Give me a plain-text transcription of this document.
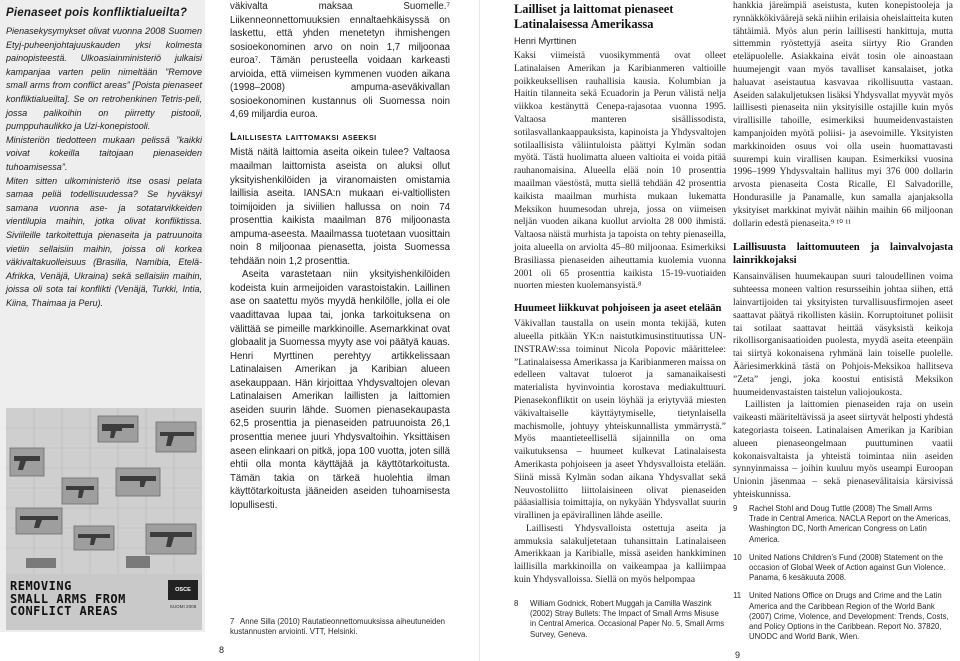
Pienaseet pois konfliktialueilta?

Pienasekysymykset olivat vuonna 2008 Suomen Etyj-puheenjohtajuuskauden yksi kolmesta painopisteestä. Ulkoasiainministeriö julkaisi kampanjaa varten pelin nimeltään ”Remove small arms from conflict areas” [Poista pienaseet konfliktialueilta]. Se on retrohenkinen Tetris-peli, jossa palikoihin on piirretty pistooli, pumppuhaulikko ja Uzi-konepistooli.

Ministeriön tiedotteen mukaan pelissä ”kaikki voivat kokeilla taitojaan pienaseiden tuhoamisessa”.

Miten sitten ulkoministeriö itse osasi pelata samaa peliä todellisuudessa? Se hyväksyi samana vuonna ase- ja sotatarvikkeiden vientilupia maihin, jotka olivat konfliktissa. Siviileille tarkoitettuja pienaseita ja patruunoita vietiin sellaisiin maihin, joissa oli korkea väkivaltakuolleisuus (Brasilia, Namibia, Etelä-Afrikka, Venäjä, Ukraina) sekä sellaisiin maihin, joissa oli sota tai konflikti (Venäjä, Turkki, Intia, Kiina, Thaimaa ja Peru).

REMOVING
SMALL ARMS FROM
CONFLICT AREAS
OSCE
SUOMI 2008

väkivalta maksaa Suomelle.⁷ Liikenneonnettomuuksien ennaltaehkäisyssä on laskettu, että yhden menetetyn ihmishengen sosioekonominen arvo on noin 1,7 miljoonaa euroa⁷. Tämän perusteella voidaan karkeasti arvioida, että viimeisen kymmenen vuoden aikana (1998–2008) ampuma-aseväkivallan sosioekonominen kustannus oli Suomessa noin 4,69 miljardia euroa.

Laillisesta laittomaksi aseeksi

Mistä näitä laittomia aseita oikein tulee? Valtaosa maailman laittomista aseista on aluksi ollut yksityishenkilöiden ja viranomaisten omistamia laillisia aseita. IANSA:n mukaan ei-valtiollisten toimijoiden ja siviilien hallussa on noin 74 prosenttia kaikista maailman 876 miljoonasta ampuma-aseesta. Maailmassa tuotetaan vuosittain noin 8 miljoonaa pienasetta, joista Suomessa tehdään noin 1,2 prosenttia.

Aseita varastetaan niin yksityishenkilöiden kodeista kuin armeijoiden varastoistakin. Laillinen ase on saatettu myös myydä henkilölle, jolla ei ole vaadittavaa lupaa tai, jonka tarkoituksena on välittää se pimeille markkinoille. Asemarkkinat ovat globaalit ja Suomessa myyty ase voi päätyä kauas. Henri Myrttinen perehtyy artikkelissaan Latinalaisen Amerikan ja Karibian alueen asekauppaan. Hän kirjoittaa Yhdysvaltojen olevan Latinalaisen Amerikan laillisten ja laittomien aseiden suurin lähde. Suomen pienasekaupasta 62,5 prosenttia ja pienaseiden patruunoista 26,1 prosenttia menee juuri Yhdysvaltoihin. Yksittäisen aseen elinkaari on pitkä, jopa 100 vuotta, joten sillä ehtii olla monta käyttäjää ja käyttötarkoitusta. Tämän takia on tärkeä huolehtia ilman käyttötarkoitusta jääneiden aseiden tuhoamisesta lopullisesti.

7 Anne Silla (2010) Rautatieonnettomuuksissa aiheutuneiden kustannusten arviointi. VTT, Helsinki.
8
Lailliset ja laittomat pienaseet Latinalaisessa Amerikassa
Henri Myrttinen

Kaksi viimeistä vuosikymmentä ovat olleet Latinalaisen Amerikan ja Karibianmeren valtioille poikkeuksellisen rauhallisia kausia. Kolumbian ja Haitin tilanneita sekä Ecuadorin ja Perun välistä nelja viikkoa kestänyttä Cenepa-rajasotaa vuonna 1995. Valtaosa manteren sisällissodista, sotilasvallankaappauksista, kapinoista ja Yhdysvaltojen sotilaallisista väliintuloista päättyi Kylmän sodan myötä. Tästä huolimatta alueen valtioita ei voida pitää rauhanomaisina. Alueella elää noin 10 prosenttia maailman väestöstä, mutta siellä tehdään 42 prosenttia kaikista maailman murhista mukaan lukematta Meksikon huumesodan uhreja, jossa on viimeisen neljän vuoden aikana kuollut arviolta 28 000 ihmistä. Valtaosa näistä murhista ja tapoista on tehty pienaseilla, joita alueella on arviolta 45–80 miljoonaa. Esimerkiksi Brasiliassa pienaseiden aiheuttamia kuolemia vuonna 2001 oli 65 prosenttia kaikista 15-19-vuotiaiden nuorten miesten kuolemansyistä.⁸

Huumeet liikkuvat pohjoiseen ja aseet etelään

Väkivallan taustalla on usein monta tekijää, kuten alueella pitkään YK:n naistutkimusinstituutissa UN-INSTRAW:ssa toiminut Nicola Popovic määrittelee: ”Latinalaisessa Amerikassa ja Karibianmeren maissa on edelleen valtavat tuloerot ja samanaikaisesti materialista hyvinvointia korostava mediakulttuuri. Pienasekonfliktit on usein löyhää ja eriytyvää miesten väkivaltaiselle käyttäytymiselle, tietynlaisella machismolle, johtuyy yhteiskunnallista ymmärrystä.” Myös maantieteellisellä sijainnilla on oma vaikutuksensa – huumeet kulkevat Latinalaisesta Amerikasta pohjoiseen ja aseet Yhdysvalloista etelään. Siinä missä Kylmän sodan aikana Yhdysvallat sekä Neuvostoliitto liittolaisineen olivat pienaseiden pääasiallisia toimittajia, on nykyään Yhdysvallat suurin virallinen ja epävirallinen lähde aseille.

Laillisesti Yhdysvalloista ostettuja aseita ja ammuksia salakuljetetaan tuhansittain Latinalaiseen Amerikkaan ja Karibialle, missä aseiden hankkiminen laillisilla markkinoilla on vaikeampaa ja kalliimpaa kuin Yhdysvalloissa. Siellä on myös helpompaa

8	William Godnick, Robert Muggah ja Camilla Waszink (2002) Stray Bullets: The Impact of Small Arms Misuse in Central America. Occasional Paper No. 5, Small Arms Survey, Geneva.

hankkia järeämpiä aseistusta, kuten konepistooleja ja rynnäkkökiväärejä sekä niihin erilaisia oheislaitteita kuten tähtäimiä. Myös alun perin laillisesti hankittuja, mutta sittemmin ryöstettyjä aseita siirtyy Rio Granden eteläpuolelle. Asiakkaina eivät tosin ole ainoastaan huumejengit vaan myös tavalliset kansalaiset, jotka haluavat aseistautua kasvavaa rikollisuutta vastaan. Aseiden salakuljetuksen lisäksi Yhdysvallat myyvät myös laillisesti pienaseita niin yksityisille ostajille kuin myös virallisille tahoille, esimerkiksi huumeidenvastaisten kampanjoiden myötä poliisi- ja asevoimille. Yksityisten markkinoiden osuus voi olla usein huomattavasti suurempi kuin virallisen kaupan. Esimerkiksi vuosina 1996–1999 Yhdysvaltain hallitus myi 376 000 dollarin arvosta pienaseita Costa Ricalle, El Salvadorille, Hondurasille ja Panamalle, kun samalla ajanjaksolla yksityiset markkinat myivät näihin maihin 66 miljoonan dollarin edestä pienaseita.⁹ ¹⁰ ¹¹

Laillisuusta laittomuuteen ja lainvalvojasta lainrikkojaksi

Kansainvälisen huumekaupan suuri taloudellinen voima suhteessa moneen valtion resursseihin johtaa siihen, että lainvartijoiden tai yksityisten turvallisuusfirmojen aseet saattavat päätyä rikollisten käsiin. Korruptoitunet poliisit tai sotilaat saattavat heittää väsyksistä keikoja rikollisorganisaatioiden puolesta, myydä aseita eteenpäin tai siirtyä kokonaisena ryhmänä lain toiselle puolelle. Ääriesimerkkinä tästä on Pohjois-Meksikoa hallitseva ”Zeta” jengi, joka koostui entisistä Meksikon huumeidenvastaisten taistelun valiojoukosta.

Laillisten ja laittomien pienaseiden raja on usein vaikeasti määriteltävissä ja aseet siirtyvät helposti yhdestä kategoriasta toiseen. Latinalaisen Amerikan ja Karibian alueen pienaseongelmaan puuttuminen vaatii kokonaisvaltaista ja yhteistä toimintaa niin aseiden synnyinmaissa – joihin kuuluu myös useampi Euroopan Unionin jäsenmaa – sekä pienasevälitaisia kärsivissä yhteiskunnissa.

9	Rachel Stohl and Doug Tuttle (2008) The Small Arms Trade in Central America. NACLA Report on the Americas, Washington DC, North American Congress on Latin America.
10 United Nations Children’s Fund (2008) Statement on the occasion of Global Week of Action against Gun Violence. Panama, 6 kesäkuuta 2008.
11	United Nations Office on Drugs and Crime and the Latin America and the Caribbean Region of the World Bank (2007) Crime, Violence, and Development: Trends, Costs, and Policy Options in the Caribbean. Report No. 37820, UNODC and World Bank, Wien.
9
